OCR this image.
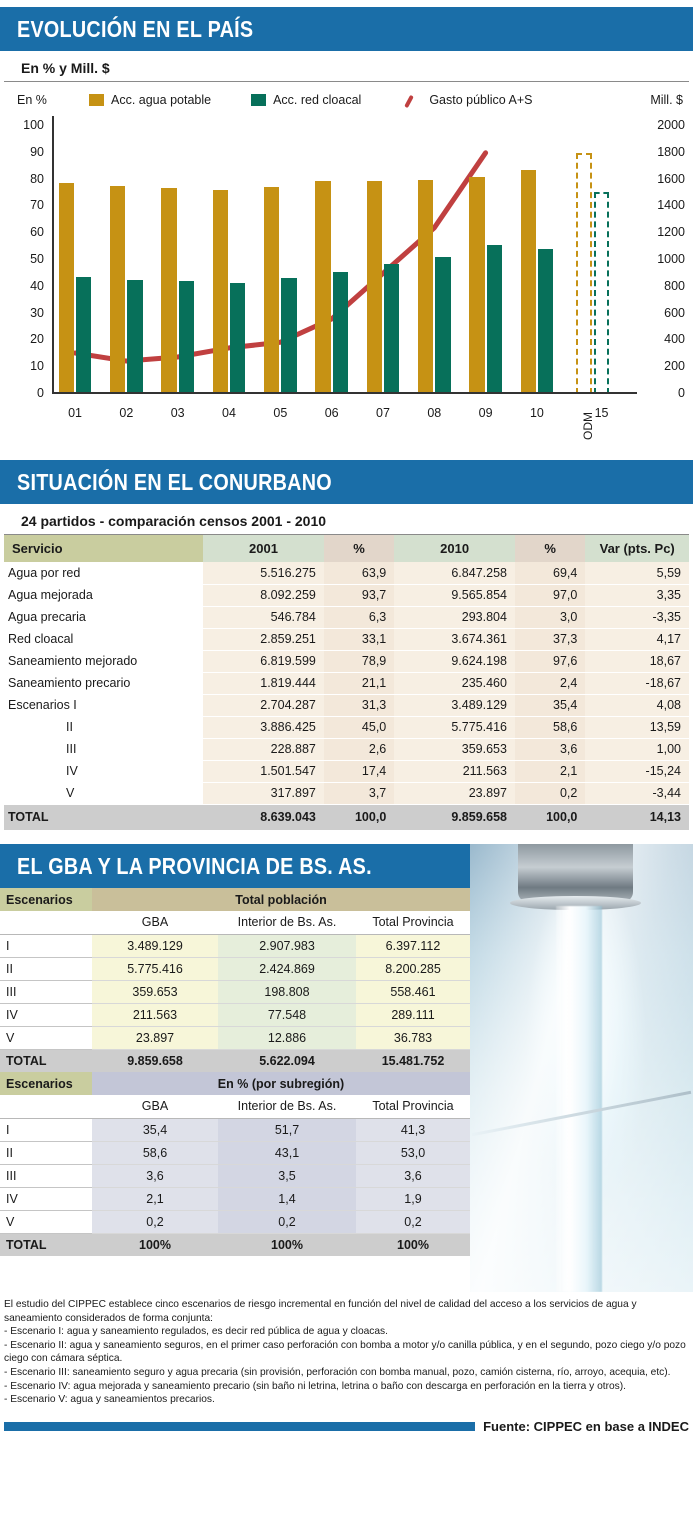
EVOLUCIÓN EN EL PAÍS
En % y Mill. $
En %	Acc. agua potable	Acc. red cloacal	Gasto público A+S	Mill. $
01	02	03	04	05	06	07	08	09	10	ODM 15
0	0
10	200
20	400
30	600
40	800
50	1000
60	1200
70	1400
80	1600
90	1800
100	2000
SITUACIÓN EN EL CONURBANO
24 partidos - comparación censos 2001 - 2010
Servicio	2001	%	2010	%	Var (pts. Pc)
Agua por red	5.516.275	63,9	6.847.258	69,4	5,59
Agua mejorada	8.092.259	93,7	9.565.854	97,0	3,35
Agua precaria	546.784	6,3	293.804	3,0	-3,35
Red cloacal	2.859.251	33,1	3.674.361	37,3	4,17
Saneamiento mejorado	6.819.599	78,9	9.624.198	97,6	18,67
Saneamiento precario	1.819.444	21,1	235.460	2,4	-18,67
Escenarios I	2.704.287	31,3	3.489.129	35,4	4,08
II	3.886.425	45,0	5.775.416	58,6	13,59
III	228.887	2,6	359.653	3,6	1,00
IV	1.501.547	17,4	211.563	2,1	-15,24
V	317.897	3,7	23.897	0,2	-3,44
TOTAL	8.639.043	100,0	9.859.658	100,0	14,13
EL GBA Y LA PROVINCIA DE BS. AS.
Escenarios	Total población		
	GBA	Interior de Bs. As.	Total Provincia
I	3.489.129	2.907.983	6.397.112
II	5.775.416	2.424.869	8.200.285
III	359.653	198.808	558.461
IV	211.563	77.548	289.111
V	23.897	12.886	36.783
TOTAL	9.859.658	5.622.094	15.481.752
Escenarios	En % (por subregión)		
	GBA	Interior de Bs. As.	Total Provincia
I	35,4	51,7	41,3
II	58,6	43,1	53,0
III	3,6	3,5	3,6
IV	2,1	1,4	1,9
V	0,2	0,2	0,2
TOTAL	100%	100%	100%

El estudio del CIPPEC establece cinco escenarios de riesgo incremental en función del nivel de calidad del acceso a los servicios de agua y saneamiento considerados de forma conjunta:

- Escenario I: agua y saneamiento regulados, es decir red pública de agua y cloacas.

- Escenario II: agua y saneamiento seguros, en el primer caso perforación con bomba a motor y/o canilla pública, y en el segundo, pozo ciego y/o pozo ciego con cámara séptica.

- Escenario III: saneamiento seguro y agua precaria (sin provisión, perforación con bomba manual, pozo, camión cisterna, río, arroyo, acequia, etc).

- Escenario IV: agua mejorada y saneamiento precario (sin baño ni letrina, letrina o baño con descarga en perforación en la tierra y otros).

- Escenario V: agua y saneamientos precarios.

Fuente: CIPPEC en base a INDEC
